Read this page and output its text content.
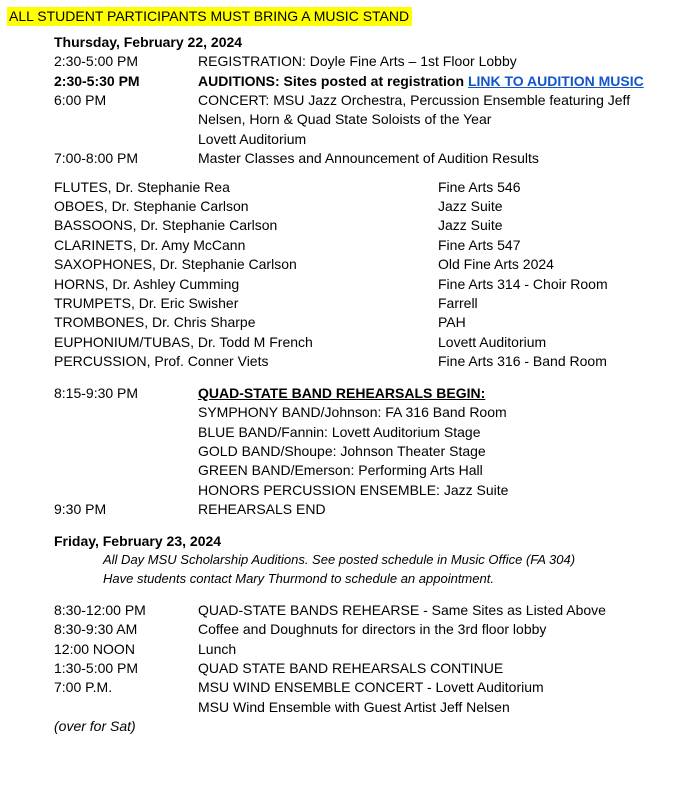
ALL STUDENT PARTICIPANTS MUST BRING A MUSIC STAND
Thursday, February 22, 2024
2:30-5:00 PM	REGISTRATION: Doyle Fine Arts – 1st Floor Lobby
2:30-5:30 PM	AUDITIONS: Sites posted at registration LINK TO AUDITION MUSIC
6:00 PM	CONCERT: MSU Jazz Orchestra, Percussion Ensemble featuring Jeff
Nelsen, Horn & Quad State Soloists of the Year
Lovett Auditorium
7:00-8:00 PM	Master Classes and Announcement of Audition Results
FLUTES, Dr. Stephanie Rea	Fine Arts 546
OBOES, Dr. Stephanie Carlson	Jazz Suite
BASSOONS, Dr. Stephanie Carlson	Jazz Suite
CLARINETS, Dr. Amy McCann	Fine Arts 547
SAXOPHONES, Dr. Stephanie Carlson	Old Fine Arts 2024
HORNS, Dr. Ashley Cumming	Fine Arts 314 - Choir Room
TRUMPETS, Dr. Eric Swisher	Farrell
TROMBONES, Dr. Chris Sharpe	PAH
EUPHONIUM/TUBAS, Dr. Todd M French	Lovett Auditorium
PERCUSSION, Prof. Conner Viets	Fine Arts 316 - Band Room
8:15-9:30 PM	QUAD-STATE BAND REHEARSALS BEGIN:
SYMPHONY BAND/Johnson: FA 316 Band Room
BLUE BAND/Fannin: Lovett Auditorium Stage
GOLD BAND/Shoupe: Johnson Theater Stage
GREEN BAND/Emerson: Performing Arts Hall
HONORS PERCUSSION ENSEMBLE: Jazz Suite
9:30 PM	REHEARSALS END
Friday, February 23, 2024
All Day MSU Scholarship Auditions. See posted schedule in Music Office (FA 304)
Have students contact Mary Thurmond to schedule an appointment.
8:30-12:00 PM	QUAD-STATE BANDS REHEARSE - Same Sites as Listed Above
8:30-9:30 AM	Coffee and Doughnuts for directors in the 3rd floor lobby
12:00 NOON	Lunch
1:30-5:00 PM	QUAD STATE BAND REHEARSALS CONTINUE
7:00 P.M.	MSU WIND ENSEMBLE CONCERT - Lovett Auditorium
MSU Wind Ensemble with Guest Artist Jeff Nelsen
(over for Sat)
